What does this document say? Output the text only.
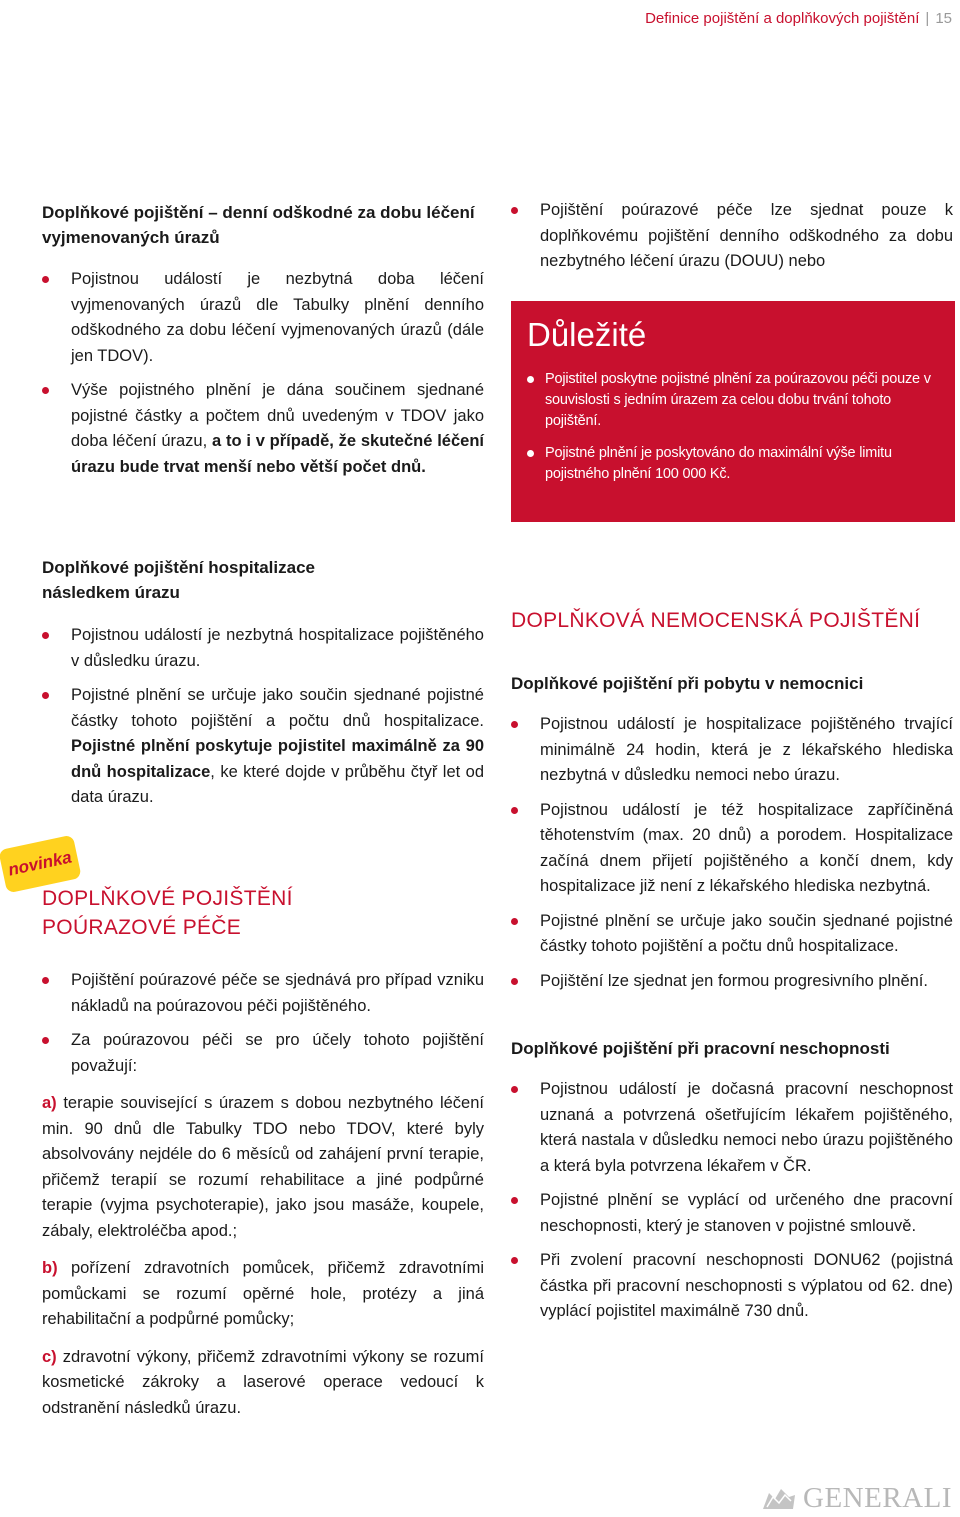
Definice pojištění a doplňkových pojištění | 15
Doplňkové pojištění – denní odškodné za dobu léčení vyjmenovaných úrazů
Pojistnou událostí je nezbytná doba léčení vyjmenovaných úrazů dle Tabulky plnění denního odškodného za dobu léčení vyjmenovaných úrazů (dále jen TDOV).
Výše pojistného plnění je dána součinem sjednané pojistné částky a počtem dnů uvedeným v TDOV jako doba léčení úrazu, a to i v případě, že skutečné léčení úrazu bude trvat menší nebo větší počet dnů.
Pojištění poúrazové péče lze sjednat pouze k doplňkovému pojištění denního odškodného za dobu nezbytného léčení úrazu (DOUU) nebo
Důležité
Pojistitel poskytne pojistné plnění za poúrazovou péči pouze v souvislosti s jedním úrazem za celou dobu trvání tohoto pojištění.
Pojistné plnění je poskytováno do maximální výše limitu pojistného plnění 100 000 Kč.
Doplňkové pojištění hospitalizace následkem úrazu
Pojistnou událostí je nezbytná hospitalizace pojištěného v důsledku úrazu.
Pojistné plnění se určuje jako součin sjednané pojistné částky tohoto pojištění a počtu dnů hospitalizace. Pojistné plnění poskytuje pojistitel maximálně za 90 dnů hospitalizace, ke které dojde v průběhu čtyř let od data úrazu.
novinka
DOPLŇKOVÉ POJIŠTĚNÍ POÚRAZOVÉ PÉČE
Pojištění poúrazové péče se sjednává pro případ vzniku nákladů na poúrazovou péči pojištěného.
Za poúrazovou péči se pro účely tohoto pojištění považují:

a) terapie související s úrazem s dobou nezbytného léčení min. 90 dnů dle Tabulky TDO nebo TDOV, které byly absolvovány nejdéle do 6 měsíců od zahájení první terapie, přičemž terapií se rozumí rehabilitace a jiné podpůrné terapie (vyjma psychoterapie), jako jsou masáže, koupele, zábaly, elektroléčba apod.;

b) pořízení zdravotních pomůcek, přičemž zdravotními pomůckami se rozumí opěrné hole, protézy a jiná rehabilitační a podpůrné pomůcky;

c) zdravotní výkony, přičemž zdravotními výkony se rozumí kosmetické zákroky a laserové operace vedoucí k odstranění následků úrazu.

DOPLŇKOVÁ NEMOCENSKÁ POJIŠTĚNÍ
Doplňkové pojištění při pobytu v nemocnici
Pojistnou událostí je hospitalizace pojištěného trvající minimálně 24 hodin, která je z lékařského hlediska nezbytná v důsledku nemoci nebo úrazu.
Pojistnou událostí je též hospitalizace zapříčiněná těhotenstvím (max. 20 dnů) a porodem. Hospitalizace začíná dnem přijetí pojištěného a končí dnem, kdy hospitalizace již není z lékařského hlediska nezbytná.
Pojistné plnění se určuje jako součin sjednané pojistné částky tohoto pojištění a počtu dnů hospitalizace.
Pojištění lze sjednat jen formou progresivního plnění.
Doplňkové pojištění při pracovní neschopnosti
Pojistnou událostí je dočasná pracovní neschopnost uznaná a potvrzená ošetřujícím lékařem pojištěného, která nastala v důsledku nemoci nebo úrazu pojištěného a která byla potvrzena lékařem v ČR.
Pojistné plnění se vyplácí od určeného dne pracovní neschopnosti, který je stanoven v pojistné smlouvě.
Při zvolení pracovní neschopnosti DONU62 (pojistná částka při pracovní neschopnosti s výplatou od 62. dne) vyplácí pojistitel maximálně 730 dnů.
GENERALI
